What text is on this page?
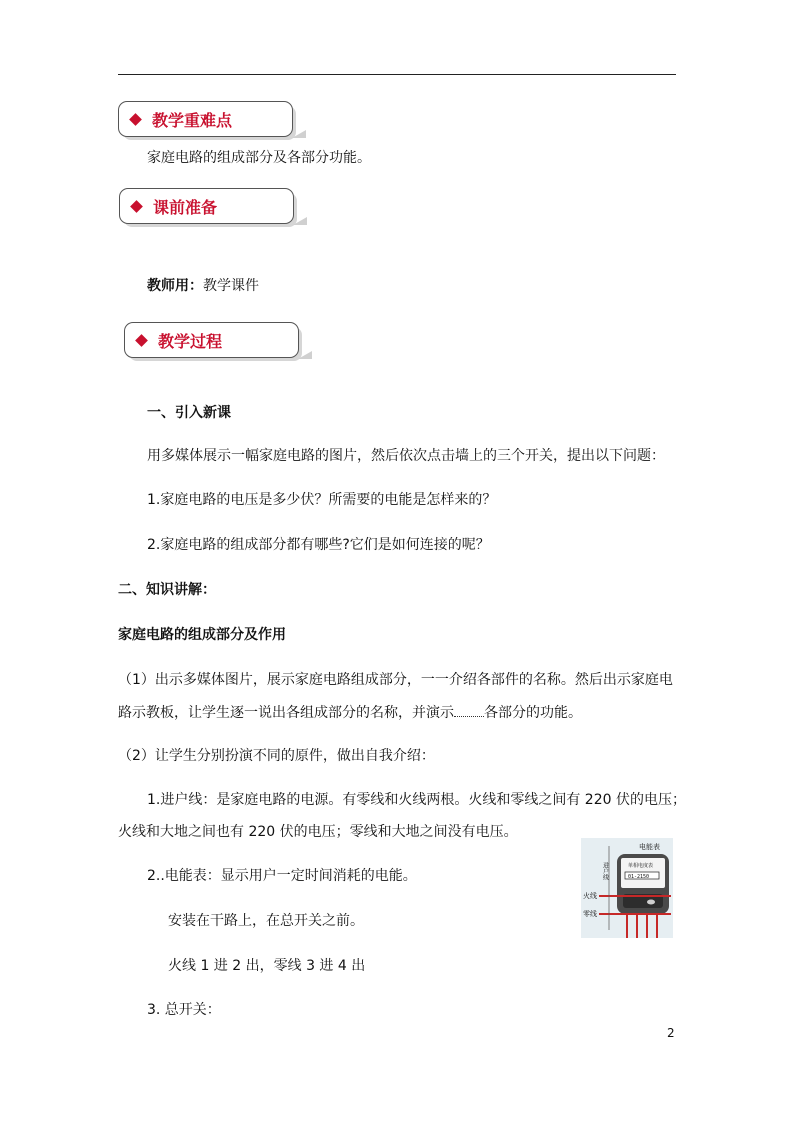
教学重难点
家庭电路的组成部分及各部分功能。
课前准备
教师用：教学课件
教学过程
一、引入新课
用多媒体展示一幅家庭电路的图片，然后依次点击墙上的三个开关，提出以下问题：
1.家庭电路的电压是多少伏？所需要的电能是怎样来的？
2.家庭电路的组成部分都有哪些?它们是如何连接的呢？
二、知识讲解：
家庭电路的组成部分及作用
（1）出示多媒体图片，展示家庭电路组成部分，一一介绍各部件的名称。然后出示家庭电
路示教板，让学生逐一说出各组成部分的名称，并演示 各部分的功能。
（2）让学生分别扮演不同的原件，做出自我介绍：
1.进户线：是家庭电路的电源。有零线和火线两根。火线和零线之间有 220 伏的电压；
火线和大地之间也有 220 伏的电压；零线和大地之间没有电压。
2..电能表：显示用户一定时间消耗的电能。
安装在干路上，在总开关之前。
火线 1 进 2 出，零线 3 进 4 出
3. 总开关：
电能表
进户线
火线
零线
单相电度表
01-2150
2
